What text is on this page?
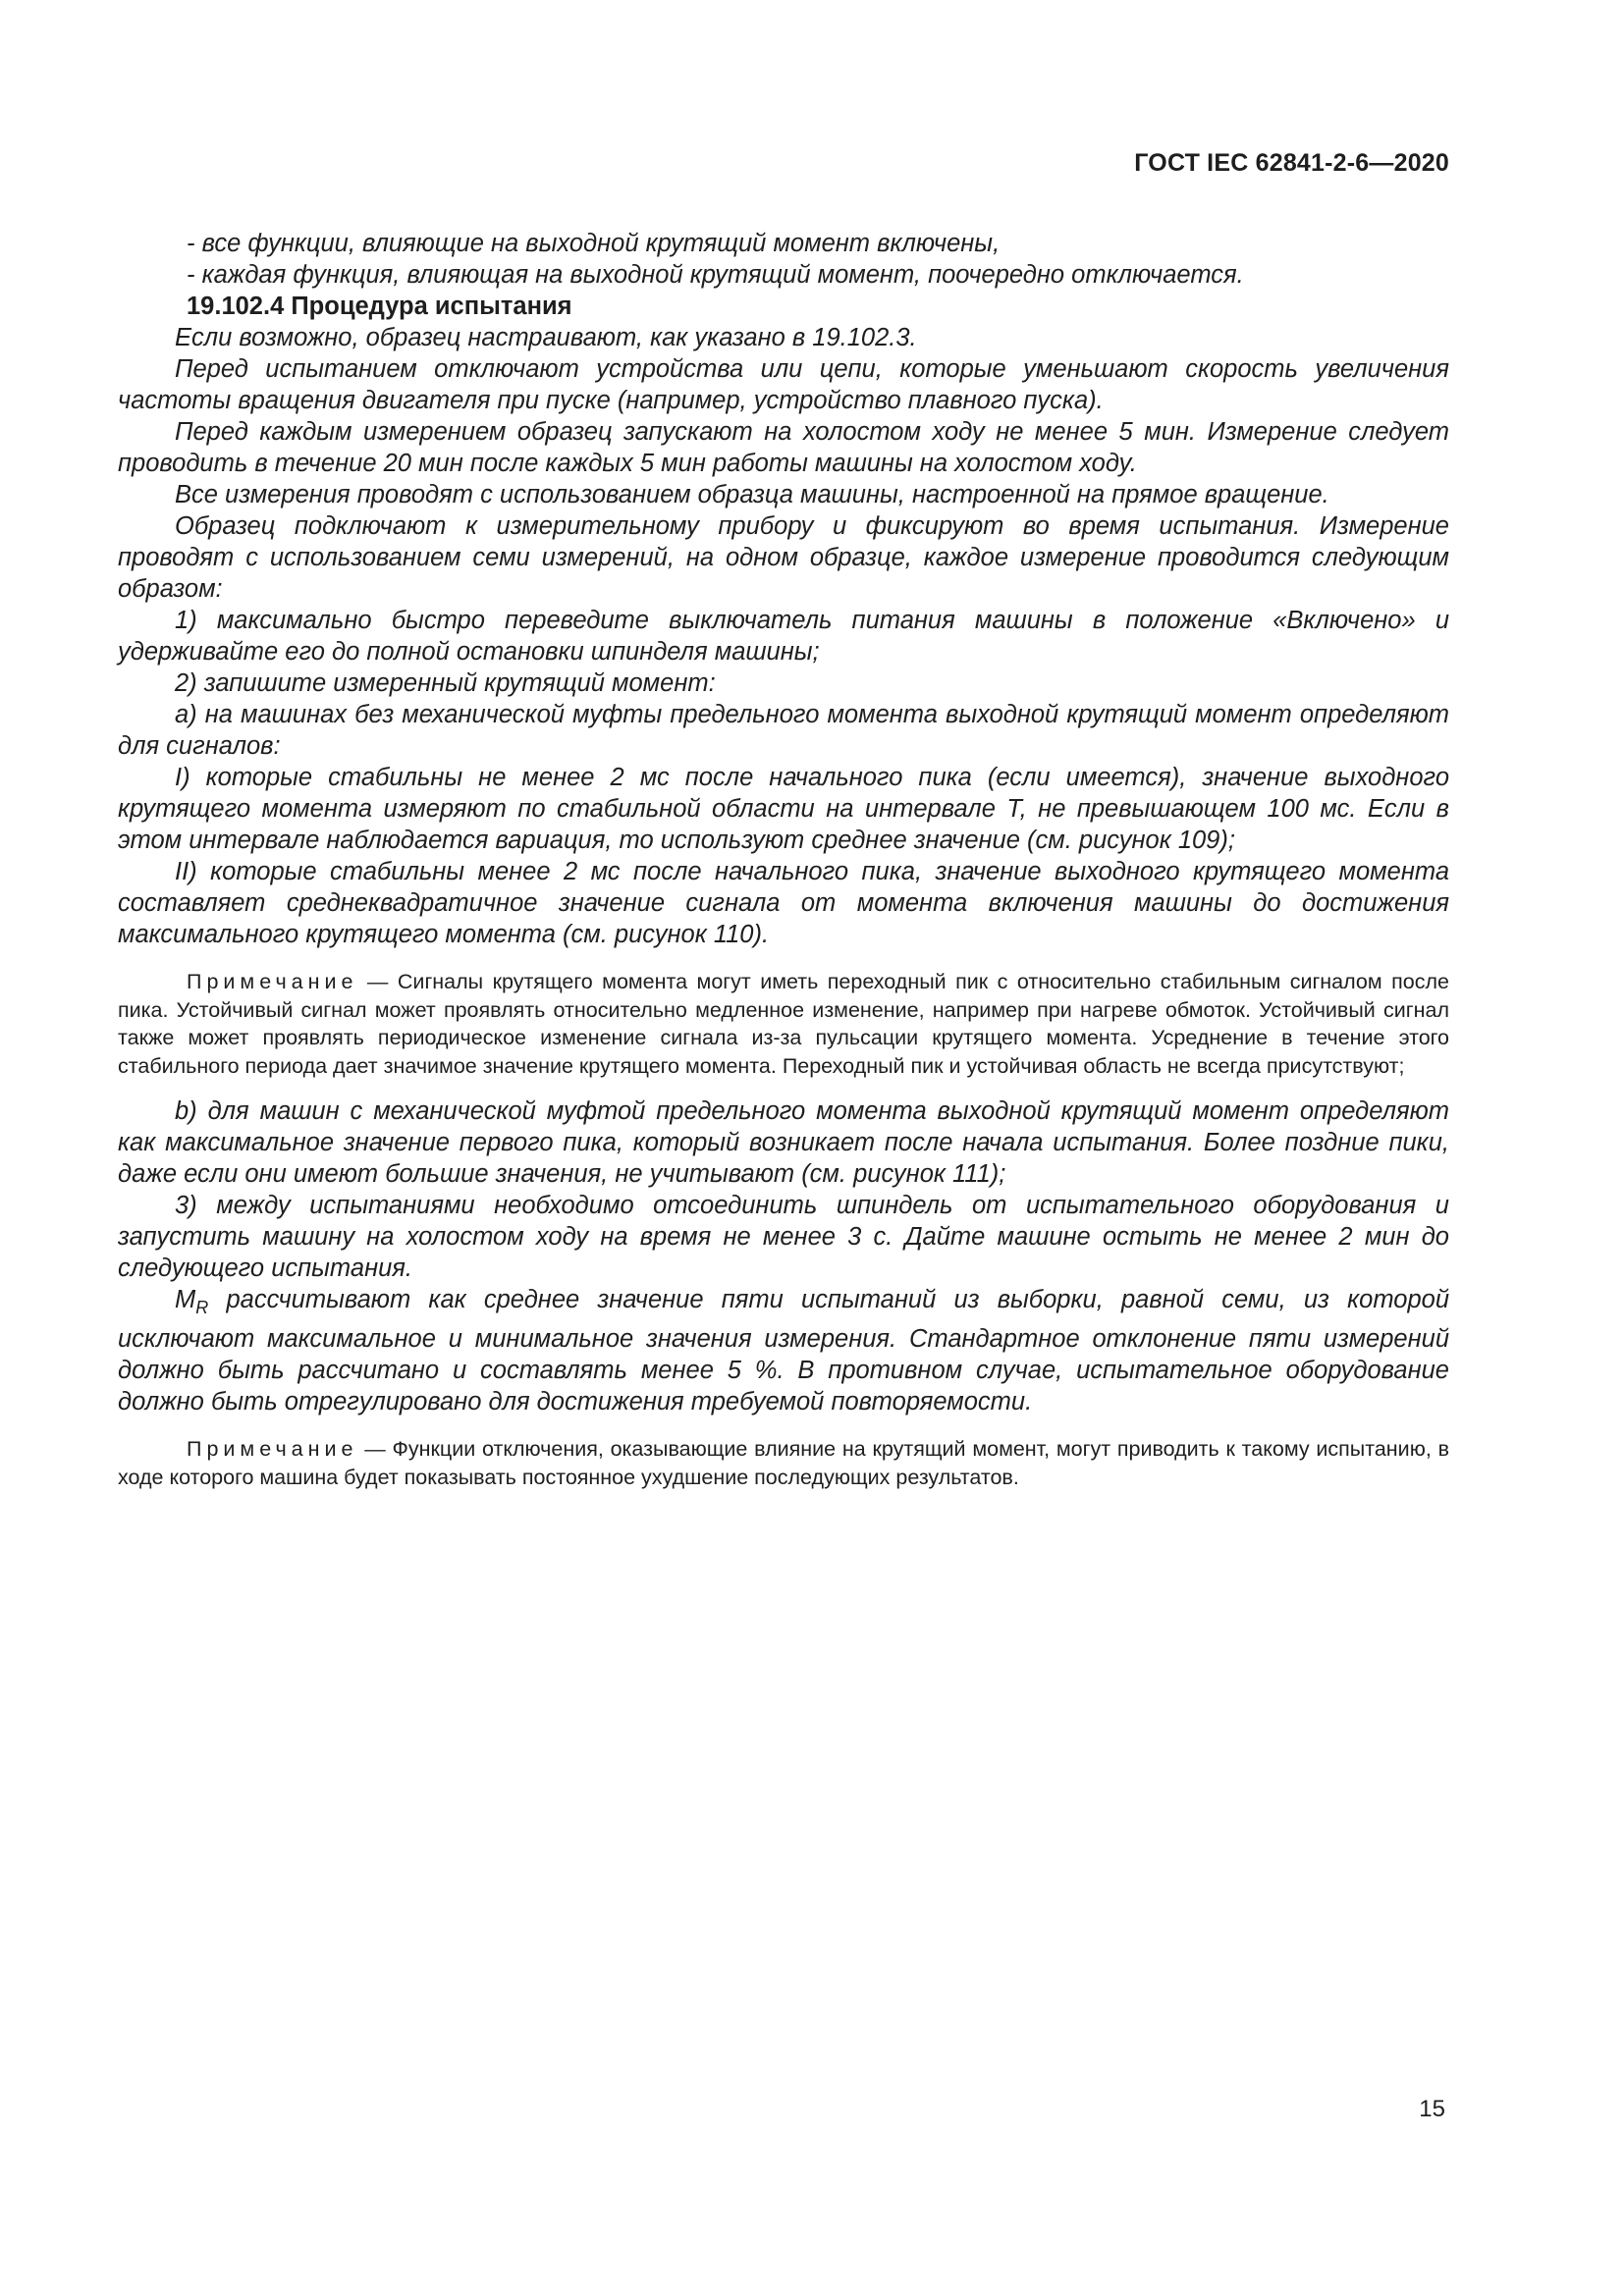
ГОСТ IEC 62841-2-6—2020

- все функции, влияющие на выходной крутящий момент включены,

- каждая функция, влияющая на выходной крутящий момент, поочередно отключается.

19.102.4 Процедура испытания

Если возможно, образец настраивают, как указано в 19.102.3.

Перед испытанием отключают устройства или цепи, которые уменьшают скорость увеличения частоты вращения двигателя при пуске (например, устройство плавного пуска).

Перед каждым измерением образец запускают на холостом ходу не менее 5 мин. Измерение следует проводить в течение 20 мин после каждых 5 мин работы машины на холостом ходу.

Все измерения проводят с использованием образца машины, настроенной на прямое вращение.

Образец подключают к измерительному прибору и фиксируют во время испытания. Измерение проводят с использованием семи измерений, на одном образце, каждое измерение проводится следующим образом:

1) максимально быстро переведите выключатель питания машины в положение «Включено» и удерживайте его до полной остановки шпинделя машины;

2) запишите измеренный крутящий момент:

a) на машинах без механической муфты предельного момента выходной крутящий момент определяют для сигналов:

I) которые стабильны не менее 2 мс после начального пика (если имеется), значение выходного крутящего момента измеряют по стабильной области на интервале T, не превышающем 100 мс. Если в этом интервале наблюдается вариация, то используют среднее значение (см. рисунок 109);

II) которые стабильны менее 2 мс после начального пика, значение выходного крутящего момента составляет среднеквадратичное значение сигнала от момента включения машины до достижения максимального крутящего момента (см. рисунок 110).

Примечание — Сигналы крутящего момента могут иметь переходный пик с относительно стабильным сигналом после пика. Устойчивый сигнал может проявлять относительно медленное изменение, например при нагреве обмоток. Устойчивый сигнал также может проявлять периодическое изменение сигнала из-за пульсации крутящего момента. Усреднение в течение этого стабильного периода дает значимое значение крутящего момента. Переходный пик и устойчивая область не всегда присутствуют;

b) для машин с механической муфтой предельного момента выходной крутящий момент определяют как максимальное значение первого пика, который возникает после начала испытания. Более поздние пики, даже если они имеют большие значения, не учитывают (см. рисунок 111);

3) между испытаниями необходимо отсоединить шпиндель от испытательного оборудования и запустить машину на холостом ходу на время не менее 3 с. Дайте машине остыть не менее 2 мин до следующего испытания.

$M_R$ рассчитывают как среднее значение пяти испытаний из выборки, равной семи, из которой исключают максимальное и минимальное значения измерения. Стандартное отклонение пяти измерений должно быть рассчитано и составлять менее 5 %. В противном случае, испытательное оборудование должно быть отрегулировано для достижения требуемой повторяемости.

Примечание — Функции отключения, оказывающие влияние на крутящий момент, могут приводить к такому испытанию, в ходе которого машина будет показывать постоянное ухудшение последующих результатов.

15
